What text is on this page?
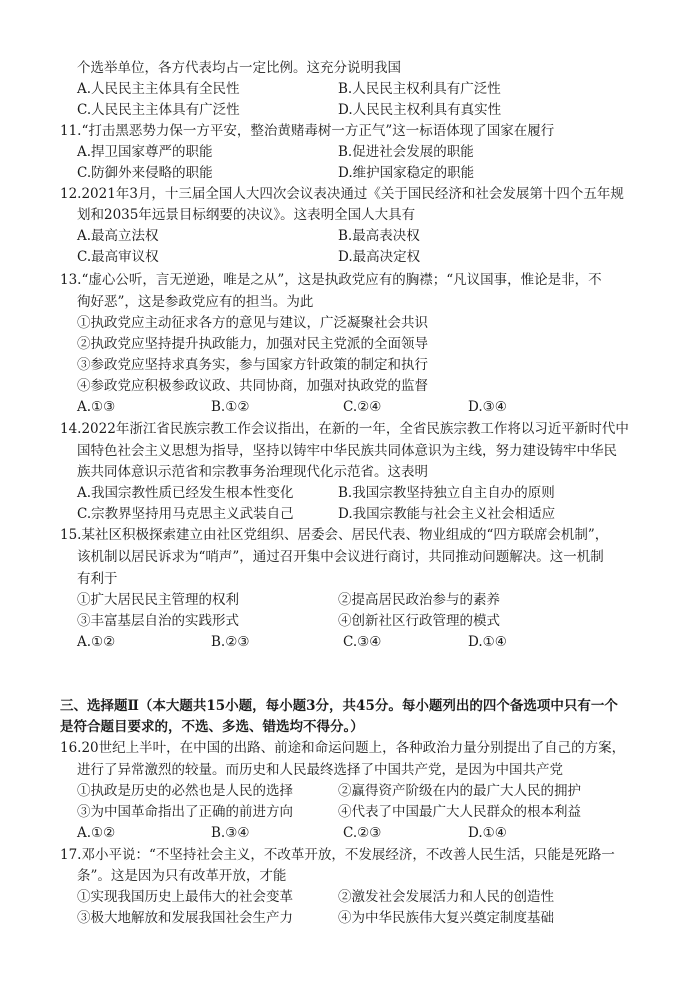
个选举单位，各方代表均占一定比例。这充分说明我国
A.人民民主主体具有全民性	B.人民民主权利具有广泛性
C.人民民主主体具有广泛性	D.人民民主权利具有真实性
11.“打击黑恶势力保一方平安，整治黄赌毒树一方正气”这一标语体现了国家在履行
A.捍卫国家尊严的职能	B.促进社会发展的职能
C.防御外来侵略的职能	D.维护国家稳定的职能
12.2021年3月，十三届全国人大四次会议表决通过《关于国民经济和社会发展第十四个五年规
划和2035年远景目标纲要的决议》。这表明全国人大具有
A.最高立法权	B.最高表决权
C.最高审议权	D.最高决定权
13.“虚心公听，言无逆逊，唯是之从”，这是执政党应有的胸襟；“凡议国事，惟论是非，不
徇好恶”，这是参政党应有的担当。为此
①执政党应主动征求各方的意见与建议，广泛凝聚社会共识
②执政党应坚持提升执政能力，加强对民主党派的全面领导
③参政党应坚持求真务实，参与国家方针政策的制定和执行
④参政党应积极参政议政、共同协商，加强对执政党的监督
A.①③	B.①②	C.②④	D.③④
14.2022年浙江省民族宗教工作会议指出，在新的一年，全省民族宗教工作将以习近平新时代中
国特色社会主义思想为指导，坚持以铸牢中华民族共同体意识为主线，努力建设铸牢中华民
族共同体意识示范省和宗教事务治理现代化示范省。这表明
A.我国宗教性质已经发生根本性变化	B.我国宗教坚持独立自主自办的原则
C.宗教界坚持用马克思主义武装自己	D.我国宗教能与社会主义社会相适应
15.某社区积极探索建立由社区党组织、居委会、居民代表、物业组成的“四方联席会机制”，
该机制以居民诉求为“哨声”，通过召开集中会议进行商讨，共同推动问题解决。这一机制
有利于
①扩大居民民主管理的权利	②提高居民政治参与的素养
③丰富基层自治的实践形式	④创新社区行政管理的模式
A.①②	B.②③	C.③④	D.①④
三、选择题Ⅱ（本大题共15小题，每小题3分，共45分。每小题列出的四个备选项中只有一个
是符合题目要求的，不选、多选、错选均不得分。）
16.20世纪上半叶，在中国的出路、前途和命运问题上，各种政治力量分别提出了自己的方案，
进行了异常激烈的较量。而历史和人民最终选择了中国共产党，是因为中国共产党
①执政是历史的必然也是人民的选择	②赢得资产阶级在内的最广大人民的拥护
③为中国革命指出了正确的前进方向	④代表了中国最广大人民群众的根本利益
A.①②	B.③④	C.②③	D.①④
17.邓小平说：“不坚持社会主义，不改革开放，不发展经济，不改善人民生活，只能是死路一
条”。这是因为只有改革开放，才能
①实现我国历史上最伟大的社会变革	②激发社会发展活力和人民的创造性
③极大地解放和发展我国社会生产力	④为中华民族伟大复兴奠定制度基础
